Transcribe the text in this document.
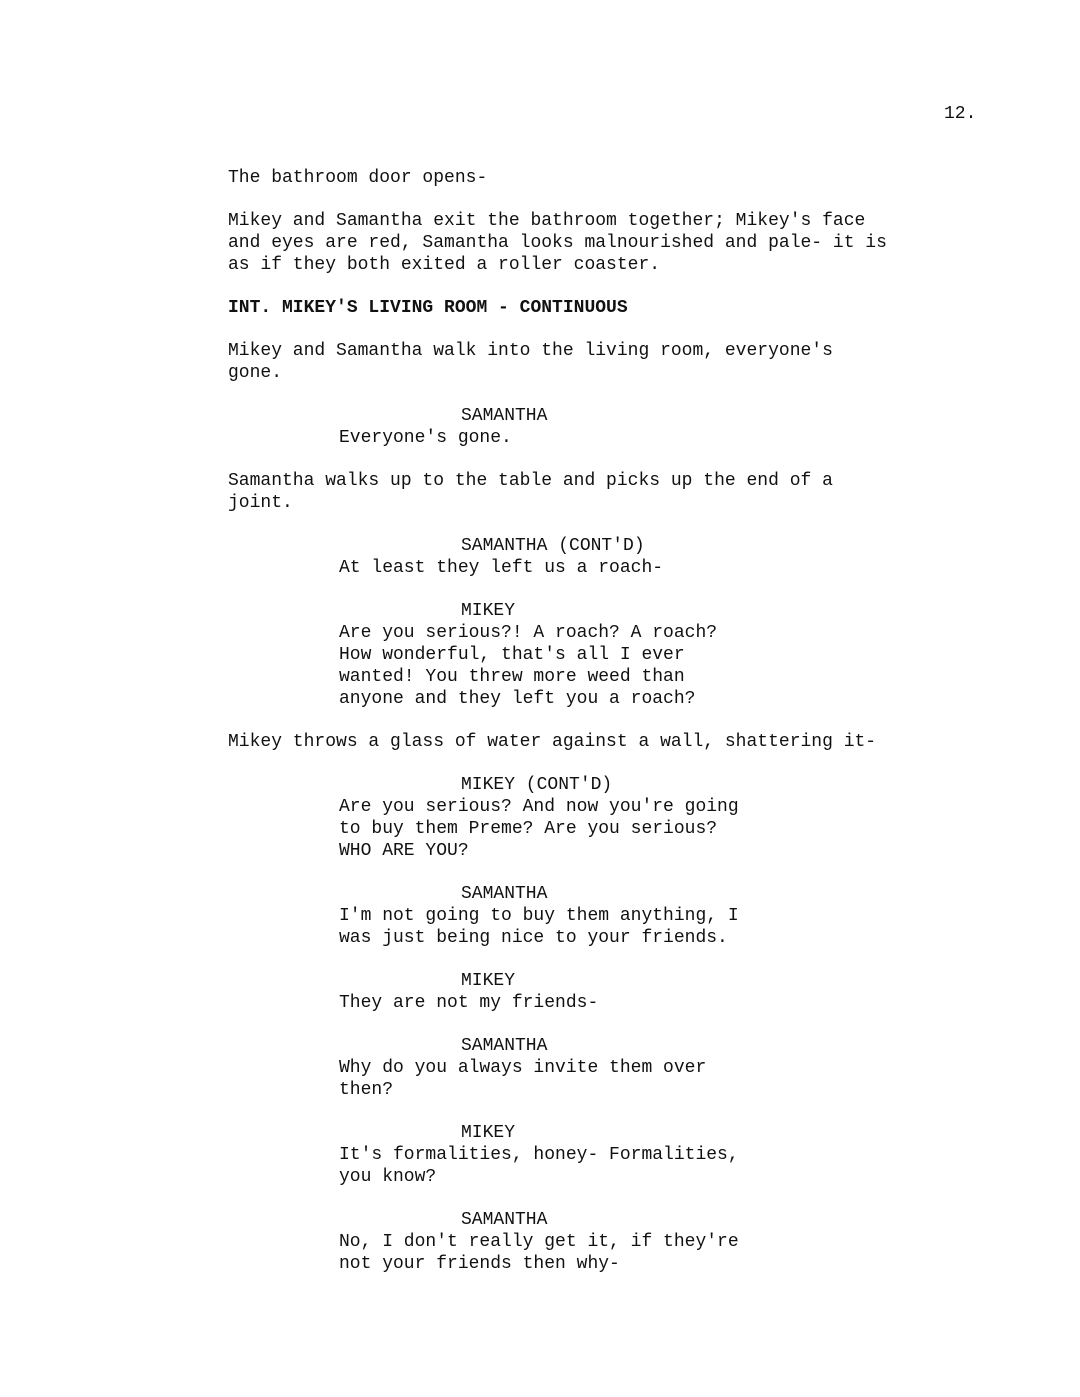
12.
The bathroom door opens-
Mikey and Samantha exit the bathroom together; Mikey's face
and eyes are red, Samantha looks malnourished and pale- it is
as if they both exited a roller coaster.
INT. MIKEY'S LIVING ROOM - CONTINUOUS
Mikey and Samantha walk into the living room, everyone's
gone.
SAMANTHA
Everyone's gone.
Samantha walks up to the table and picks up the end of a
joint.
SAMANTHA (CONT'D)
At least they left us a roach-
MIKEY
Are you serious?! A roach? A roach?
How wonderful, that's all I ever
wanted! You threw more weed than
anyone and they left you a roach?
Mikey throws a glass of water against a wall, shattering it-
MIKEY (CONT'D)
Are you serious? And now you're going
to buy them Preme? Are you serious?
WHO ARE YOU?
SAMANTHA
I'm not going to buy them anything, I
was just being nice to your friends.
MIKEY
They are not my friends-
SAMANTHA
Why do you always invite them over
then?
MIKEY
It's formalities, honey- Formalities,
you know?
SAMANTHA
No, I don't really get it, if they're
not your friends then why-
